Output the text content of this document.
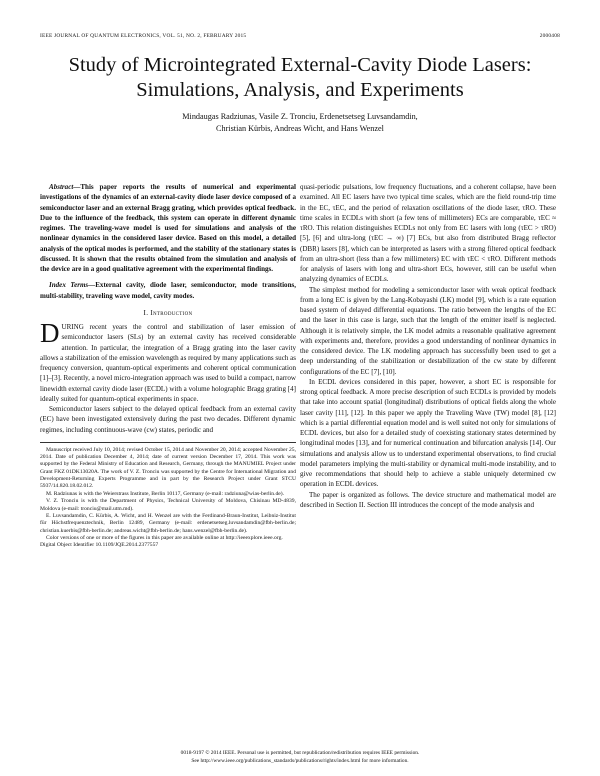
IEEE JOURNAL OF QUANTUM ELECTRONICS, VOL. 51, NO. 2, FEBRUARY 2015	2000408
Study of Microintegrated External-Cavity Diode Lasers: Simulations, Analysis, and Experiments
Mindaugas Radziunas, Vasile Z. Tronciu, Erdenetsetseg Luvsandamdin,
Christian Kürbis, Andreas Wicht, and Hans Wenzel

Abstract—This paper reports the results of numerical and experimental investigations of the dynamics of an external-cavity diode laser device composed of a semiconductor laser and an external Bragg grating, which provides optical feedback. Due to the influence of the feedback, this system can operate in different dynamic regimes. The traveling-wave model is used for simulations and analysis of the nonlinear dynamics in the considered laser device. Based on this model, a detailed analysis of the optical modes is performed, and the stability of the stationary states is discussed. It is shown that the results obtained from the simulation and analysis of the device are in a good qualitative agreement with the experimental findings.

Index Terms—External cavity, diode laser, semiconductor, mode transitions, multi-stability, traveling wave model, cavity modes.

I. Introduction

DURING recent years the control and stabilization of laser emission of semiconductor lasers (SLs) by an external cavity has received considerable attention. In particular, the integration of a Bragg grating into the laser cavity allows a stabilization of the emission wavelength as required by many applications such as frequency conversion, quantum-optical experiments and coherent optical communication [1]–[3]. Recently, a novel micro-integration approach was used to build a compact, narrow linewidth external cavity diode laser (ECDL) with a volume holographic Bragg grating [4] ideally suited for quantum-optical experiments in space.

Semiconductor lasers subject to the delayed optical feedback from an external cavity (EC) have been investigated extensively during the past two decades. Different dynamic regimes, including continuous-wave (cw) states, periodic and

Manuscript received July 10, 2014; revised October 15, 2014 and November 20, 2014; accepted November 25, 2014. Date of publication December 4, 2014; date of current version December 17, 2014. This work was supported by the Federal Ministry of Education and Research, Germany, through the MANUMIEL Project under Grant FKZ 01DK13020A. The work of V. Z. Tronciu was supported by the Centre for International Migration and Development-Returning Experts Programme and in part by the Research Project under Grant STCU 5937/14.820.18.02.012.

M. Radziunas is with the Weierstrass Institute, Berlin 10117, Germany (e-mail: radziuna@wias-berlin.de).

V. Z. Tronciu is with the Department of Physics, Technical University of Moldova, Chisinau MD-4839, Moldova (e-mail: tronciu@mail.utm.md).

E. Luvsandamdin, C. Kürbis, A. Wicht, and H. Wenzel are with the Ferdinand-Braun-Institut, Leibniz-Institut für Höchstfrequenztechnik, Berlin 12489, Germany (e-mail: erdenetsetseg.luvsandamdin@fbh-berlin.de; christian.kuerbis@fbh-berlin.de; andreas.wicht@fbh-berlin.de; hans.wenzel@fbh-berlin.de).

Color versions of one or more of the figures in this paper are available online at http://ieeexplore.ieee.org.

Digital Object Identifier 10.1109/JQE.2014.2377557

quasi-periodic pulsations, low frequency fluctuations, and a coherent collapse, have been examined. All EC lasers have two typical time scales, which are the field round-trip time in the EC, τEC, and the period of relaxation oscillations of the diode laser, τRO. These time scales in ECDLs with short (a few tens of millimeters) ECs are comparable, τEC ≈ τRO. This relation distinguishes ECDLs not only from EC lasers with long (τEC > τRO) [5], [6] and ultra-long (τEC → ∞) [7] ECs, but also from distributed Bragg reflector (DBR) lasers [8], which can be interpreted as lasers with a strong filtered optical feedback from an ultra-short (less than a few millimeters) EC with τEC < τRO. Different methods for analysis of lasers with long and ultra-short ECs, however, still can be useful when analyzing dynamics of ECDLs.

The simplest method for modeling a semiconductor laser with weak optical feedback from a long EC is given by the Lang-Kobayashi (LK) model [9], which is a rate equation based system of delayed differential equations. The ratio between the lengths of the EC and the laser in this case is large, such that the length of the emitter itself is neglected. Although it is relatively simple, the LK model admits a reasonable qualitative agreement with experiments and, therefore, provides a good understanding of nonlinear dynamics in the considered device. The LK modeling approach has successfully been used to get a deep understanding of the stabilization or destabilization of the cw state by different configurations of the EC [7], [10].

In ECDL devices considered in this paper, however, a short EC is responsible for strong optical feedback. A more precise description of such ECDLs is provided by models that take into account spatial (longitudinal) distributions of optical fields along the whole laser cavity [11], [12]. In this paper we apply the Traveling Wave (TW) model [8], [12] which is a partial differential equation model and is well suited not only for simulations of ECDL devices, but also for a detailed study of coexisting stationary states determined by longitudinal modes [13], and for numerical continuation and bifurcation analysis [14]. Our simulations and analysis allow us to understand experimental observations, to find crucial model parameters implying the multi-stability or dynamical multi-mode instability, and to give recommendations that should help to achieve a stable uniquely determined cw operation in ECDL devices.

The paper is organized as follows. The device structure and mathematical model are described in Section II. Section III introduces the concept of the mode analysis and

0018-9197 © 2014 IEEE. Personal use is permitted, but republication/redistribution requires IEEE permission.
See http://www.ieee.org/publications_standards/publications/rights/index.html for more information.
